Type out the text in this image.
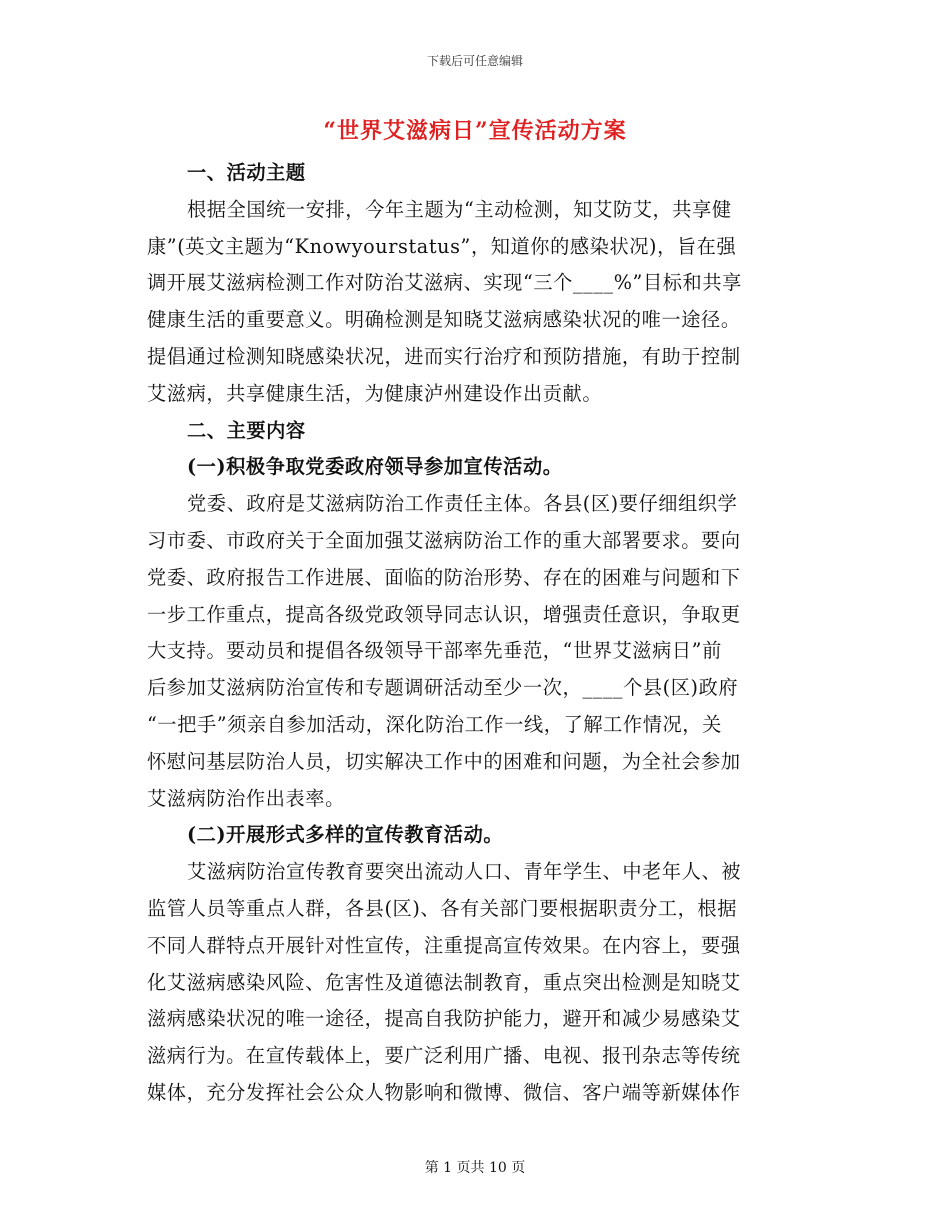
下载后可任意编辑
“世界艾滋病日”宣传活动方案
一、活动主题
根据全国统一安排，今年主题为“主动检测，知艾防艾，共享健
康”(英文主题为“Knowyourstatus”，知道你的感染状况)，旨在强
调开展艾滋病检测工作对防治艾滋病、实现“三个____%”目标和共享
健康生活的重要意义。明确检测是知晓艾滋病感染状况的唯一途径。
提倡通过检测知晓感染状况，进而实行治疗和预防措施，有助于控制
艾滋病，共享健康生活，为健康泸州建设作出贡献。
二、主要内容
(一)积极争取党委政府领导参加宣传活动。
党委、政府是艾滋病防治工作责任主体。各县(区)要仔细组织学
习市委、市政府关于全面加强艾滋病防治工作的重大部署要求。要向
党委、政府报告工作进展、面临的防治形势、存在的困难与问题和下
一步工作重点，提高各级党政领导同志认识，增强责任意识，争取更
大支持。要动员和提倡各级领导干部率先垂范，“世界艾滋病日”前
后参加艾滋病防治宣传和专题调研活动至少一次，____个县(区)政府
“一把手”须亲自参加活动，深化防治工作一线，了解工作情况，关
怀慰问基层防治人员，切实解决工作中的困难和问题，为全社会参加
艾滋病防治作出表率。
(二)开展形式多样的宣传教育活动。
艾滋病防治宣传教育要突出流动人口、青年学生、中老年人、被
监管人员等重点人群，各县(区)、各有关部门要根据职责分工，根据
不同人群特点开展针对性宣传，注重提高宣传效果。在内容上，要强
化艾滋病感染风险、危害性及道德法制教育，重点突出检测是知晓艾
滋病感染状况的唯一途径，提高自我防护能力，避开和减少易感染艾
滋病行为。在宣传载体上，要广泛利用广播、电视、报刊杂志等传统
媒体，充分发挥社会公众人物影响和微博、微信、客户端等新媒体作
第 1 页共 10 页
